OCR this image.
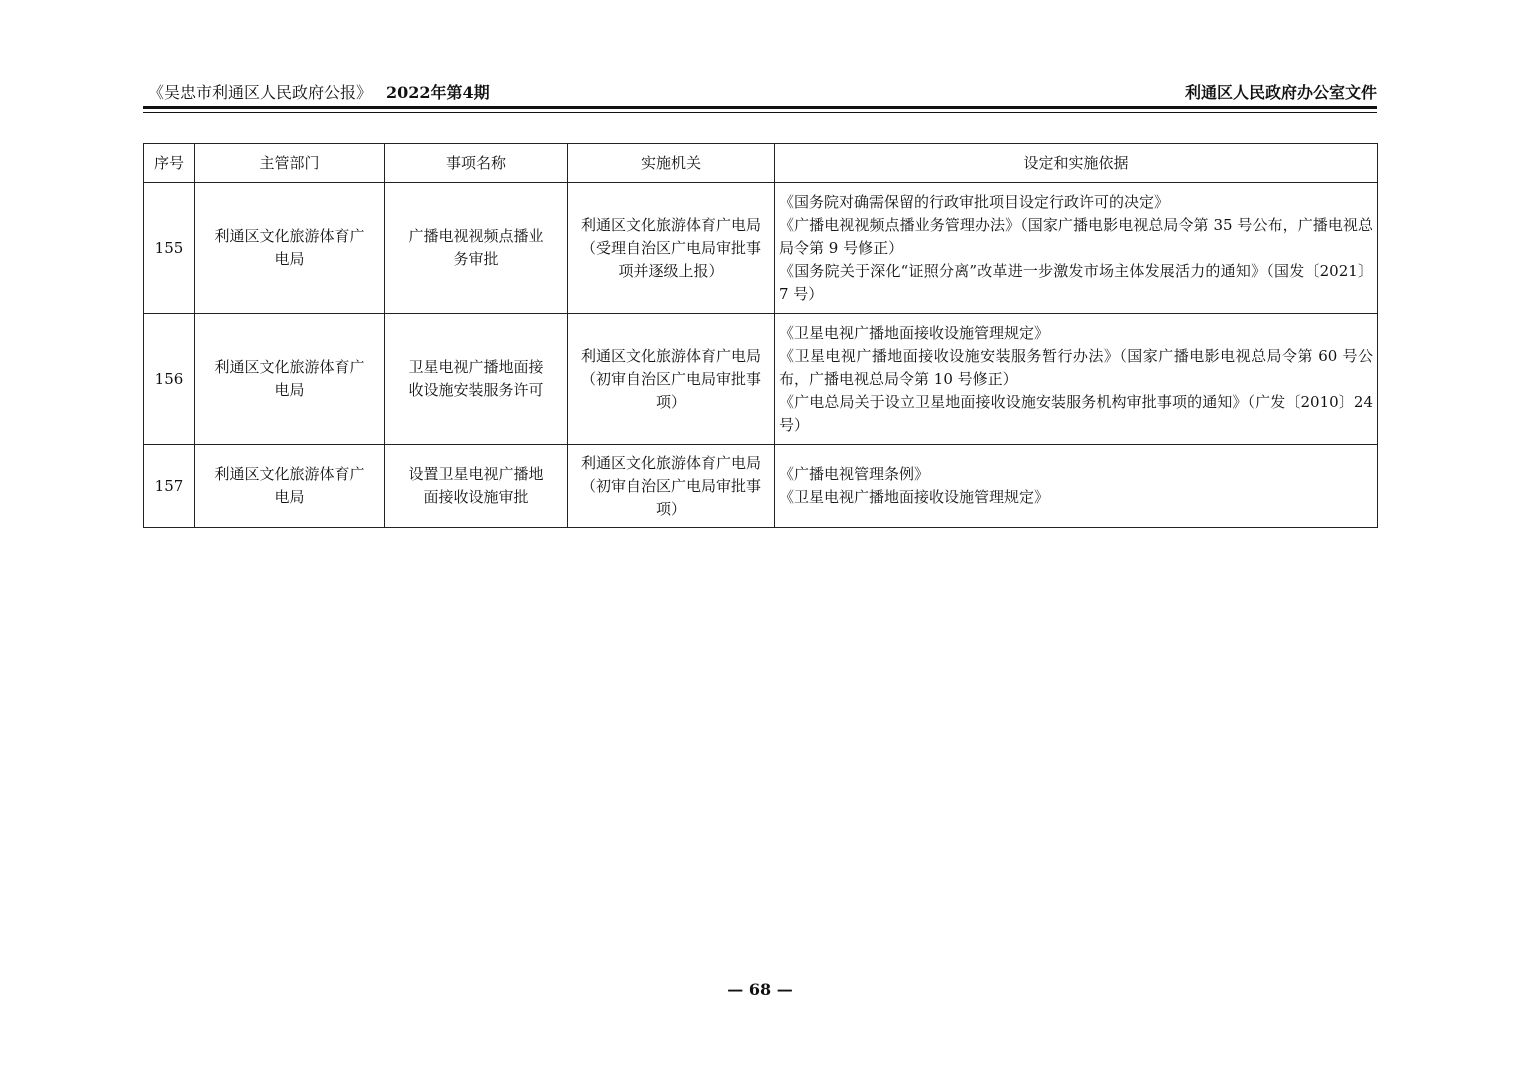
《吴忠市利通区人民政府公报》 2022年第4期	利通区人民政府办公室文件
序号	主管部门	事项名称	实施机关	设定和实施依据
155	利通区文化旅游体育广电局	广播电视视频点播业务审批	利通区文化旅游体育广电局（受理自治区广电局审批事项并逐级上报）	《国务院对确需保留的行政审批项目设定行政许可的决定》
《广播电视视频点播业务管理办法》（国家广播电影电视总局令第 35 号公布，广播电视总局令第 9 号修正）
《国务院关于深化“证照分离”改革进一步激发市场主体发展活力的通知》（国发〔2021〕7 号）

156	利通区文化旅游体育广电局	卫星电视广播地面接收设施安装服务许可	利通区文化旅游体育广电局（初审自治区广电局审批事项）	《卫星电视广播地面接收设施管理规定》
《卫星电视广播地面接收设施安装服务暂行办法》（国家广播电影电视总局令第 60 号公布，广播电视总局令第 10 号修正）
《广电总局关于设立卫星地面接收设施安装服务机构审批事项的通知》（广发〔2010〕24 号）

157	利通区文化旅游体育广电局	设置卫星电视广播地面接收设施审批	利通区文化旅游体育广电局（初审自治区广电局审批事项）	《广播电视管理条例》
《卫星电视广播地面接收设施管理规定》
— 68 —
